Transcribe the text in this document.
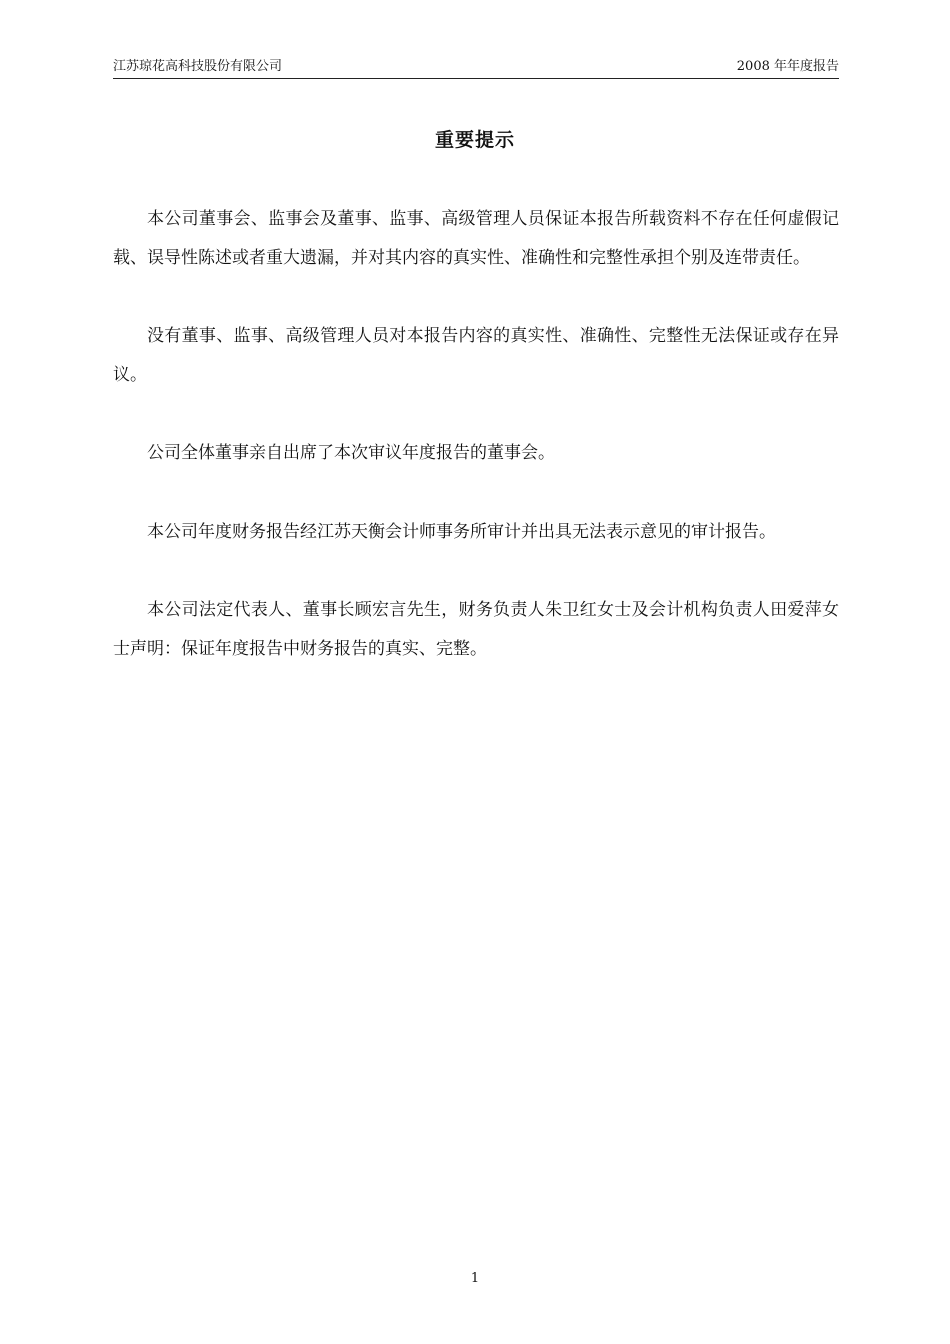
江苏琼花高科技股份有限公司	2008 年年度报告
重要提示

本公司董事会、监事会及董事、监事、高级管理人员保证本报告所载资料不存在任何虚假记载、误导性陈述或者重大遗漏，并对其内容的真实性、准确性和完整性承担个别及连带责任。

没有董事、监事、高级管理人员对本报告内容的真实性、准确性、完整性无法保证或存在异议。

公司全体董事亲自出席了本次审议年度报告的董事会。

本公司年度财务报告经江苏天衡会计师事务所审计并出具无法表示意见的审计报告。

本公司法定代表人、董事长顾宏言先生，财务负责人朱卫红女士及会计机构负责人田爱萍女士声明：保证年度报告中财务报告的真实、完整。

1
